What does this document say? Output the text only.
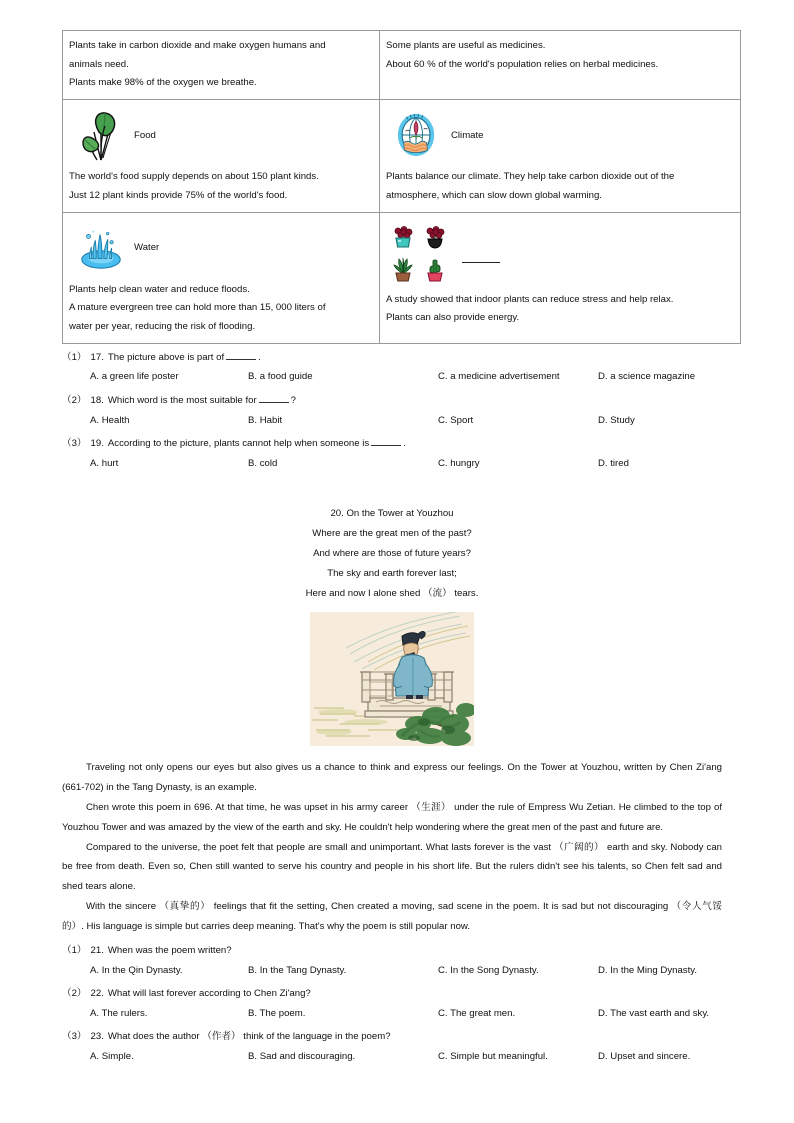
Plants take in carbon dioxide and make oxygen humans and
animals need.
Plants make 98% of the oxygen we breathe.

Some plants are useful as medicines.
About 60 % of the world's population relies on herbal medicines.

Food
The world's food supply depends on about 150 plant kinds.
Just 12 plant kinds provide 75% of the world's food.

Climate
Plants balance our climate. They help take carbon dioxide out of the
atmosphere, which can slow down global warming.

Water
Plants help clean water and reduce floods.
A mature evergreen tree can hold more than 15, 000 liters of
water per year, reducing the risk of flooding.

A study showed that indoor plants can reduce stress and help relax.
Plants can also provide energy.
（1） 17. The picture above is part of	.
A. a green life poster	B. a food guide	C. a medicine advertisement	D. a science magazine
（2） 18. Which word is the most suitable for	?
A. Health	B. Habit	C. Sport	D. Study
（3） 19. According to the picture, plants cannot help when someone is	.
A. hurt	B. cold	C. hungry	D. tired
20. On the Tower at Youzhou
Where are the great men of the past?
And where are those of future years?
The sky and earth forever last;
Here and now I alone shed （流） tears.

Traveling not only opens our eyes but also gives us a chance to think and express our feelings. On the Tower at Youzhou, written by Chen Zi'ang (661-702) in the Tang Dynasty, is an example.

Chen wrote this poem in 696. At that time, he was upset in his army career （生涯） under the rule of Empress Wu Zetian. He climbed to the top of Youzhou Tower and was amazed by the view of the earth and sky. He couldn't help wondering where the great men of the past and future are.

Compared to the universe, the poet felt that people are small and unimportant. What lasts forever is the vast （广阔的） earth and sky. Nobody can be free from death. Even so, Chen still wanted to serve his country and people in his short life. But the rulers didn't see his talents, so Chen felt sad and shed tears alone.

With the sincere （真挚的） feelings that fit the setting, Chen created a moving, sad scene in the poem. It is sad but not discouraging （令人气馁的）. His language is simple but carries deep meaning. That's why the poem is still popular now.

（1） 21. When was the poem written?
A. In the Qin Dynasty.	B. In the Tang Dynasty.	C. In the Song Dynasty.	D. In the Ming Dynasty.
（2） 22. What will last forever according to Chen Zi'ang?
A. The rulers.	B. The poem.	C. The great men.	D. The vast earth and sky.
（3） 23. What does the author （作者） think of the language in the poem?
A. Simple.	B. Sad and discouraging.	C. Simple but meaningful.	D. Upset and sincere.
